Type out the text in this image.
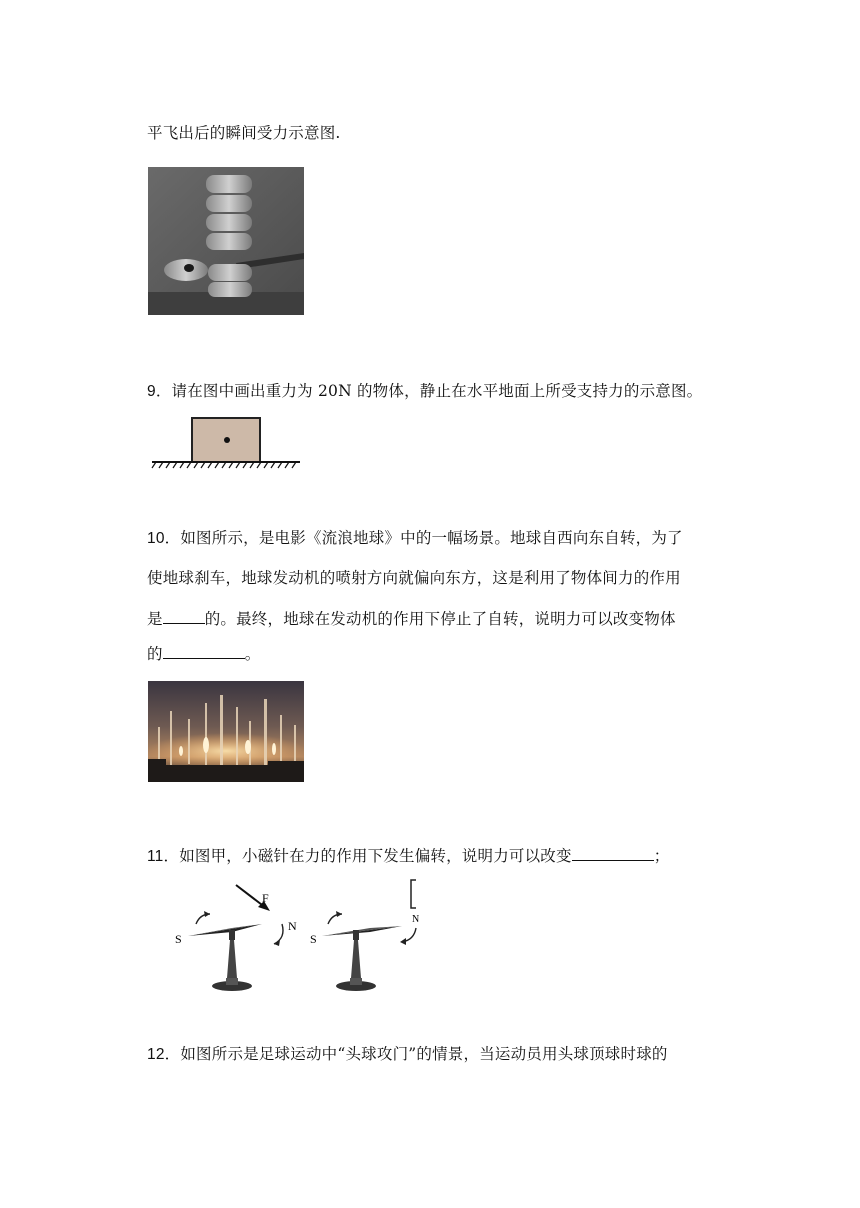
平飞出后的瞬间受力示意图.
9．请在图中画出重力为 20N 的物体，静止在水平地面上所受支持力的示意图。
10．如图所示，是电影《流浪地球》中的一幅场景。地球自西向东自转，为了
使地球刹车，地球发动机的喷射方向就偏向东方，这是利用了物体间力的作用
是	的。最终，地球在发动机的作用下停止了自转，说明力可以改变物体
的	。
11．如图甲，小磁针在力的作用下发生偏转，说明力可以改变	；
S
N
F
S
N
12．如图所示是足球运动中“头球攻门”的情景，当运动员用头球顶球时球的
